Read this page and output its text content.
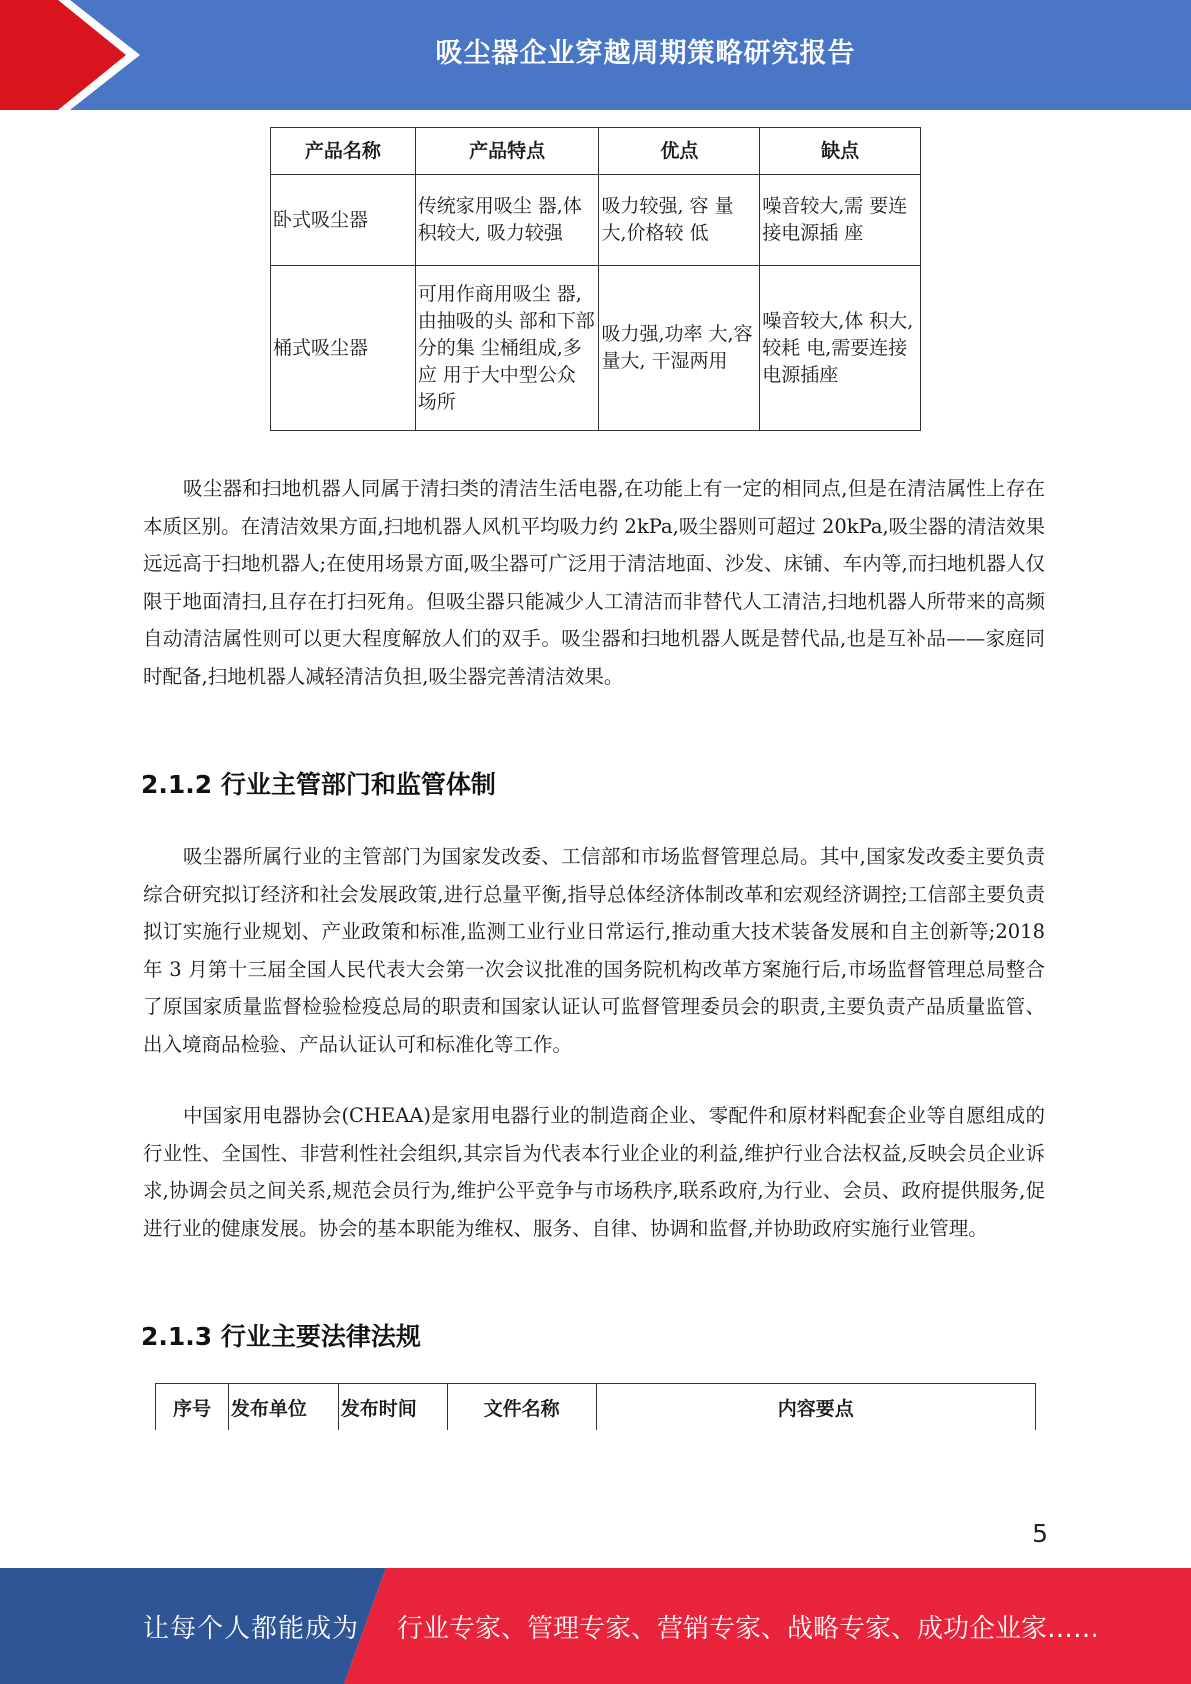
吸尘器企业穿越周期策略研究报告
产品名称	产品特点	优点	缺点
卧式吸尘器	传统家用吸尘 器,体积较大, 吸力较强	吸力较强, 容 量大,价格较 低	噪音较大,需 要连接电源插 座
桶式吸尘器	可用作商用吸尘 器,由抽吸的头 部和下部分的集 尘桶组成,多应 用于大中型公众 场所	吸力强,功率 大,容量大, 干湿两用	噪音较大,体 积大,较耗 电,需要连接 电源插座

吸尘器和扫地机器人同属于清扫类的清洁生活电器,在功能上有一定的相同点,但是在清洁属性上存在本质区别。在清洁效果方面,扫地机器人风机平均吸力约 2kPa,吸尘器则可超过 20kPa,吸尘器的清洁效果远远高于扫地机器人;在使用场景方面,吸尘器可广泛用于清洁地面、沙发、床铺、车内等,而扫地机器人仅限于地面清扫,且存在打扫死角。但吸尘器只能减少人工清洁而非替代人工清洁,扫地机器人所带来的高频自动清洁属性则可以更大程度解放人们的双手。吸尘器和扫地机器人既是替代品,也是互补品——家庭同时配备,扫地机器人减轻清洁负担,吸尘器完善清洁效果。

2.1.2 行业主管部门和监管体制

吸尘器所属行业的主管部门为国家发改委、工信部和市场监督管理总局。其中,国家发改委主要负责综合研究拟订经济和社会发展政策,进行总量平衡,指导总体经济体制改革和宏观经济调控;工信部主要负责拟订实施行业规划、产业政策和标准,监测工业行业日常运行,推动重大技术装备发展和自主创新等;2018 年 3 月第十三届全国人民代表大会第一次会议批准的国务院机构改革方案施行后,市场监督管理总局整合了原国家质量监督检验检疫总局的职责和国家认证认可监督管理委员会的职责,主要负责产品质量监管、出入境商品检验、产品认证认可和标准化等工作。

中国家用电器协会(CHEAA)是家用电器行业的制造商企业、零配件和原材料配套企业等自愿组成的行业性、全国性、非营利性社会组织,其宗旨为代表本行业企业的利益,维护行业合法权益,反映会员企业诉求,协调会员之间关系,规范会员行为,维护公平竞争与市场秩序,联系政府,为行业、会员、政府提供服务,促进行业的健康发展。协会的基本职能为维权、服务、自律、协调和监督,并协助政府实施行业管理。

2.1.3 行业主要法律法规
序号	发布单位	发布时间	文件名称	内容要点
5
让每个人都能成为 行业专家、管理专家、营销专家、战略专家、成功企业家……
